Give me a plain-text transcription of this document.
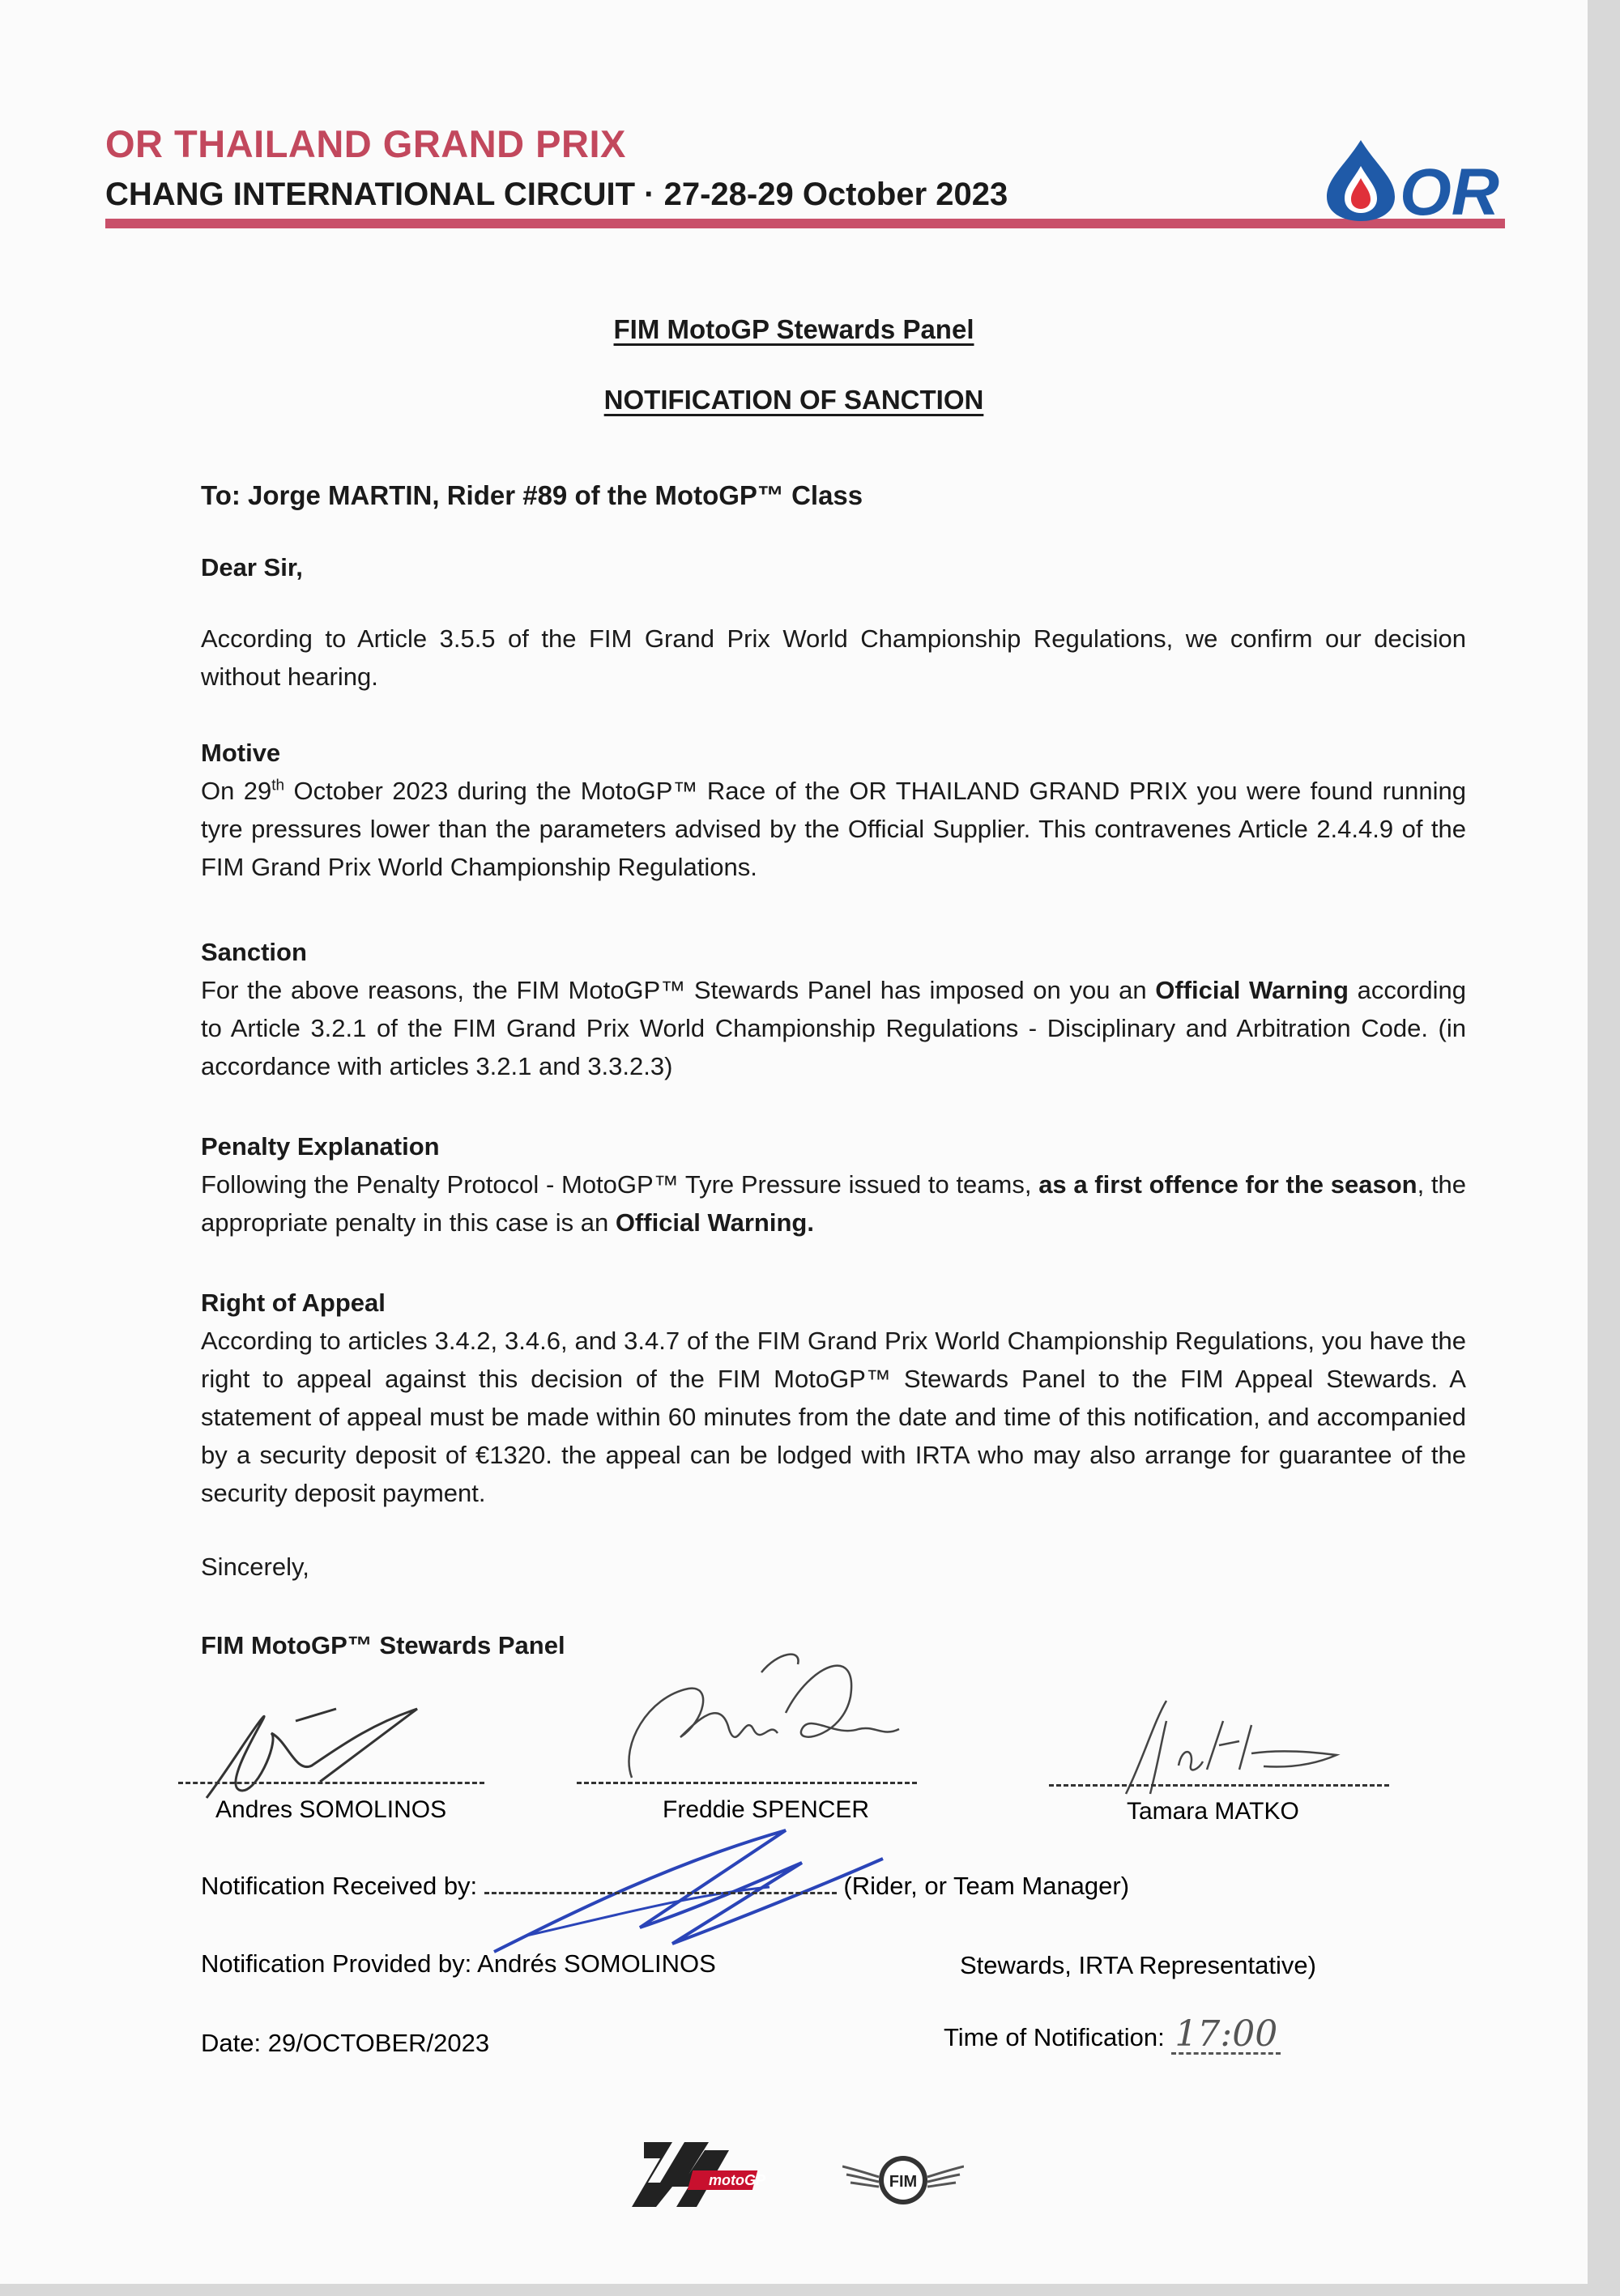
OR THAILAND GRAND PRIX
CHANG INTERNATIONAL CIRCUIT · 27-28-29 October 2023	OR
FIM MotoGP Stewards Panel
NOTIFICATION OF SANCTION
To: Jorge MARTIN, Rider #89 of the MotoGP™ Class
Dear Sir,
According to Article 3.5.5 of the FIM Grand Prix World Championship Regulations, we confirm our decision without hearing.
Motive
On 29th October 2023 during the MotoGP™ Race of the OR THAILAND GRAND PRIX you were found running tyre pressures lower than the parameters advised by the Official Supplier. This contravenes Article 2.4.4.9 of the FIM Grand Prix World Championship Regulations.
Sanction
For the above reasons, the FIM MotoGP™ Stewards Panel has imposed on you an Official Warning according to Article 3.2.1 of the FIM Grand Prix World Championship Regulations - Disciplinary and Arbitration Code. (in accordance with articles 3.2.1 and 3.3.2.3)
Penalty Explanation
Following the Penalty Protocol - MotoGP™ Tyre Pressure issued to teams, as a first offence for the season, the appropriate penalty in this case is an Official Warning.
Right of Appeal
According to articles 3.4.2, 3.4.6, and 3.4.7 of the FIM Grand Prix World Championship Regulations, you have the right to appeal against this decision of the FIM MotoGP™ Stewards Panel to the FIM Appeal Stewards. A statement of appeal must be made within 60 minutes from the date and time of this notification, and accompanied by a security deposit of €1320. the appeal can be lodged with IRTA who may also arrange for guarantee of the security deposit payment.
Sincerely,
FIM MotoGP™ Stewards Panel
Andres SOMOLINOS	Freddie SPENCER	Tamara MATKO
Notification Received by:	(Rider, or Team Manager)
Notification Provided by: Andrés SOMOLINOS	Stewards, IRTA Representative)
Date: 29/OCTOBER/2023	Time of Notification: 17:00
motoGP	FIM
